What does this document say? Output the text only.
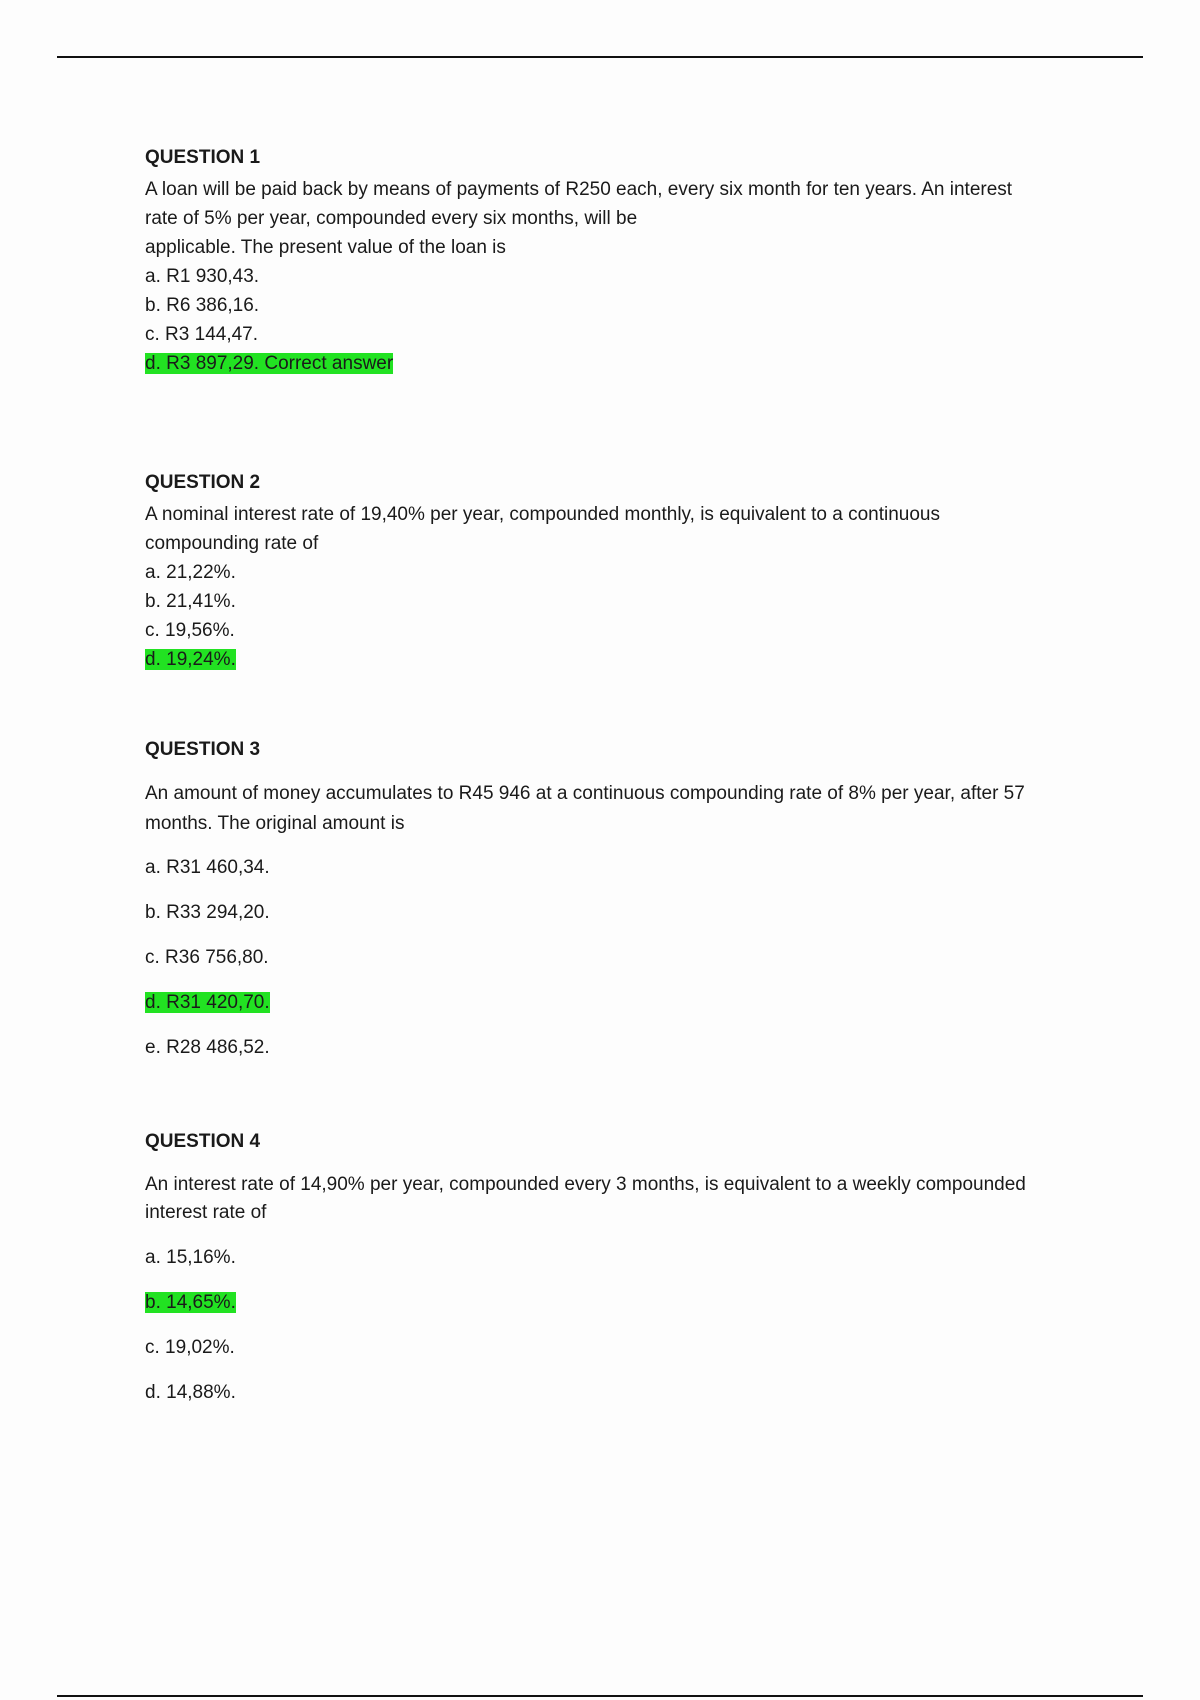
QUESTION 1

A loan will be paid back by means of payments of R250 each, every six month for ten years. An interest

rate of 5% per year, compounded every six months, will be

applicable. The present value of the loan is

a. R1 930,43.
b. R6 386,16.
c. R3 144,47.
d. R3 897,29. Correct answer
QUESTION 2

A nominal interest rate of 19,40% per year, compounded monthly, is equivalent to a continuous

compounding rate of

a. 21,22%.
b. 21,41%.
c. 19,56%.
d. 19,24%.
QUESTION 3

An amount of money accumulates to R45 946 at a continuous compounding rate of 8% per year, after 57

months. The original amount is

a. R31 460,34.
b. R33 294,20.
c. R36 756,80.
d. R31 420,70.
e. R28 486,52.
QUESTION 4

An interest rate of 14,90% per year, compounded every 3 months, is equivalent to a weekly compounded

interest rate of

a. 15,16%.
b. 14,65%.
c. 19,02%.
d. 14,88%.
